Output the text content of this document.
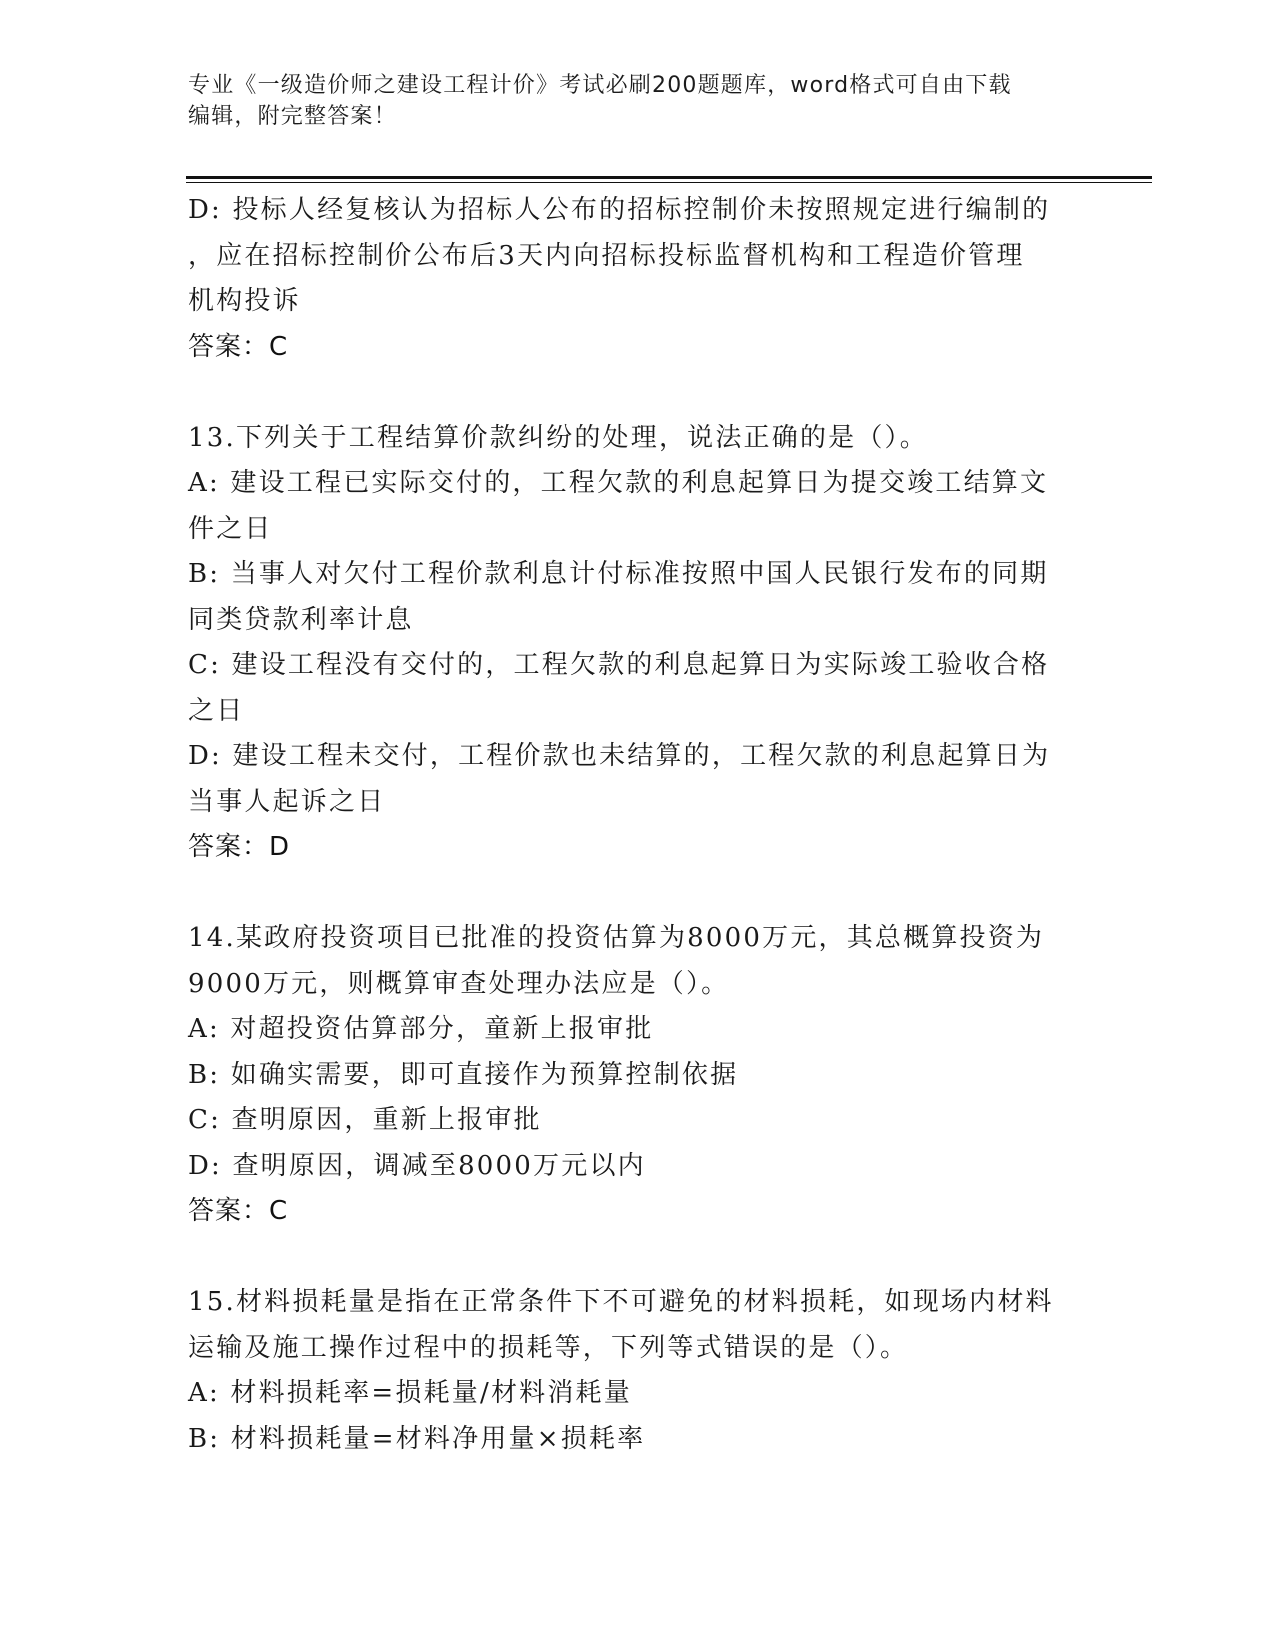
专业《一级造价师之建设工程计价》考试必刷200题题库，word格式可自由下载
编辑，附完整答案！
D: 投标人经复核认为招标人公布的招标控制价未按照规定进行编制的
，应在招标控制价公布后3天内向招标投标监督机构和工程造价管理
机构投诉
答案：C
13.下列关于工程结算价款纠纷的处理，说法正确的是（）。
A: 建设工程已实际交付的，工程欠款的利息起算日为提交竣工结算文
件之日
B: 当事人对欠付工程价款利息计付标准按照中国人民银行发布的同期
同类贷款利率计息
C: 建设工程没有交付的，工程欠款的利息起算日为实际竣工验收合格
之日
D: 建设工程未交付，工程价款也未结算的，工程欠款的利息起算日为
当事人起诉之日
答案：D
14.某政府投资项目已批准的投资估算为8000万元，其总概算投资为
9000万元，则概算审查处理办法应是（）。
A: 对超投资估算部分，童新上报审批
B: 如确实需要，即可直接作为预算控制依据
C: 查明原因，重新上报审批
D: 查明原因，调减至8000万元以内
答案：C
15.材料损耗量是指在正常条件下不可避免的材料损耗，如现场内材料
运输及施工操作过程中的损耗等，下列等式错误的是（）。
A: 材料损耗率=损耗量/材料消耗量
B: 材料损耗量=材料净用量×损耗率
